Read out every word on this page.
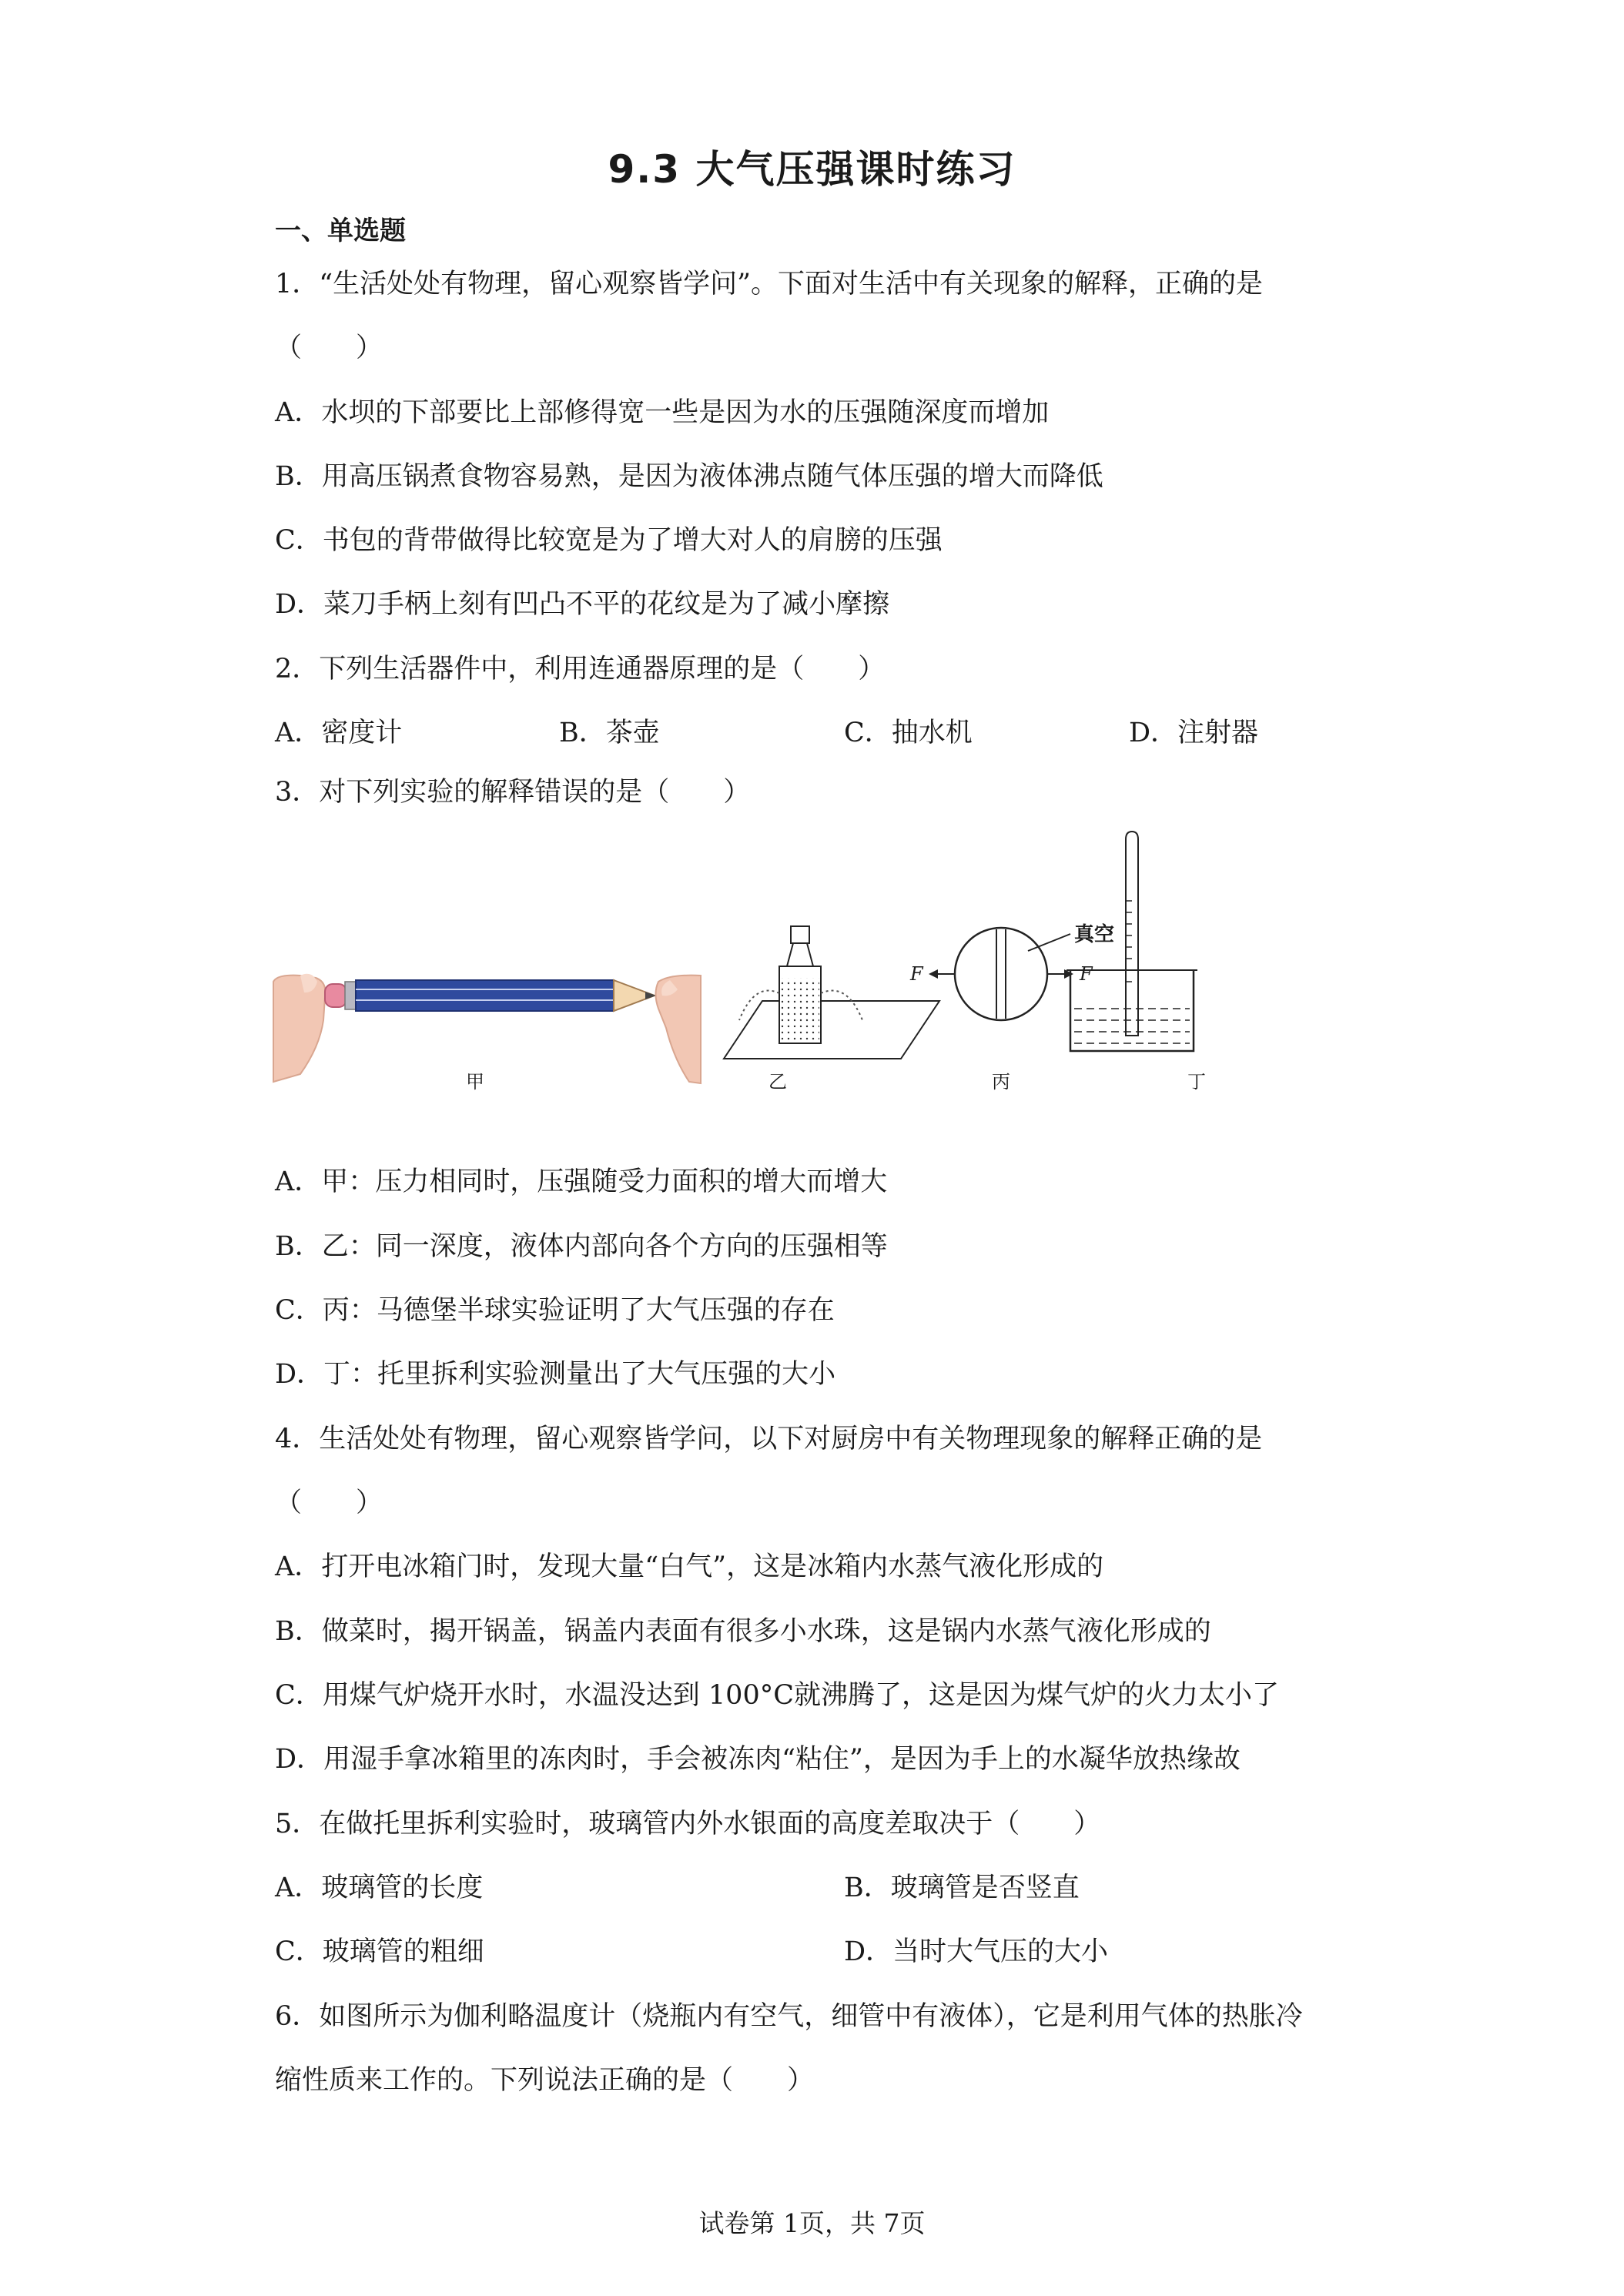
9.3 大气压强课时练习
一、单选题
1．“生活处处有物理，留心观察皆学问”。下面对生活中有关现象的解释，正确的是
（　　）
A．水坝的下部要比上部修得宽一些是因为水的压强随深度而增加
B．用高压锅煮食物容易熟，是因为液体沸点随气体压强的增大而降低
C．书包的背带做得比较宽是为了增大对人的肩膀的压强
D．菜刀手柄上刻有凹凸不平的花纹是为了减小摩擦
2．下列生活器件中，利用连通器原理的是（　　）
A．密度计	B．茶壶	C．抽水机	D．注射器
3．对下列实验的解释错误的是（　　）
甲	乙	丙	丁
真空
F	F
A．甲：压力相同时，压强随受力面积的增大而增大
B．乙：同一深度，液体内部向各个方向的压强相等
C．丙：马德堡半球实验证明了大气压强的存在
D．丁：托里拆利实验测量出了大气压强的大小
4．生活处处有物理，留心观察皆学问，以下对厨房中有关物理现象的解释正确的是
（　　）
A．打开电冰箱门时，发现大量“白气”，这是冰箱内水蒸气液化形成的
B．做菜时，揭开锅盖，锅盖内表面有很多小水珠，这是锅内水蒸气液化形成的
C．用煤气炉烧开水时，水温没达到 100°C就沸腾了，这是因为煤气炉的火力太小了
D．用湿手拿冰箱里的冻肉时，手会被冻肉“粘住”，是因为手上的水凝华放热缘故
5．在做托里拆利实验时，玻璃管内外水银面的高度差取决于（　　）
A．玻璃管的长度	B．玻璃管是否竖直
C．玻璃管的粗细	D．当时大气压的大小
6．如图所示为伽利略温度计（烧瓶内有空气，细管中有液体），它是利用气体的热胀冷
缩性质来工作的。下列说法正确的是（　　）
试卷第 1页，共 7页
